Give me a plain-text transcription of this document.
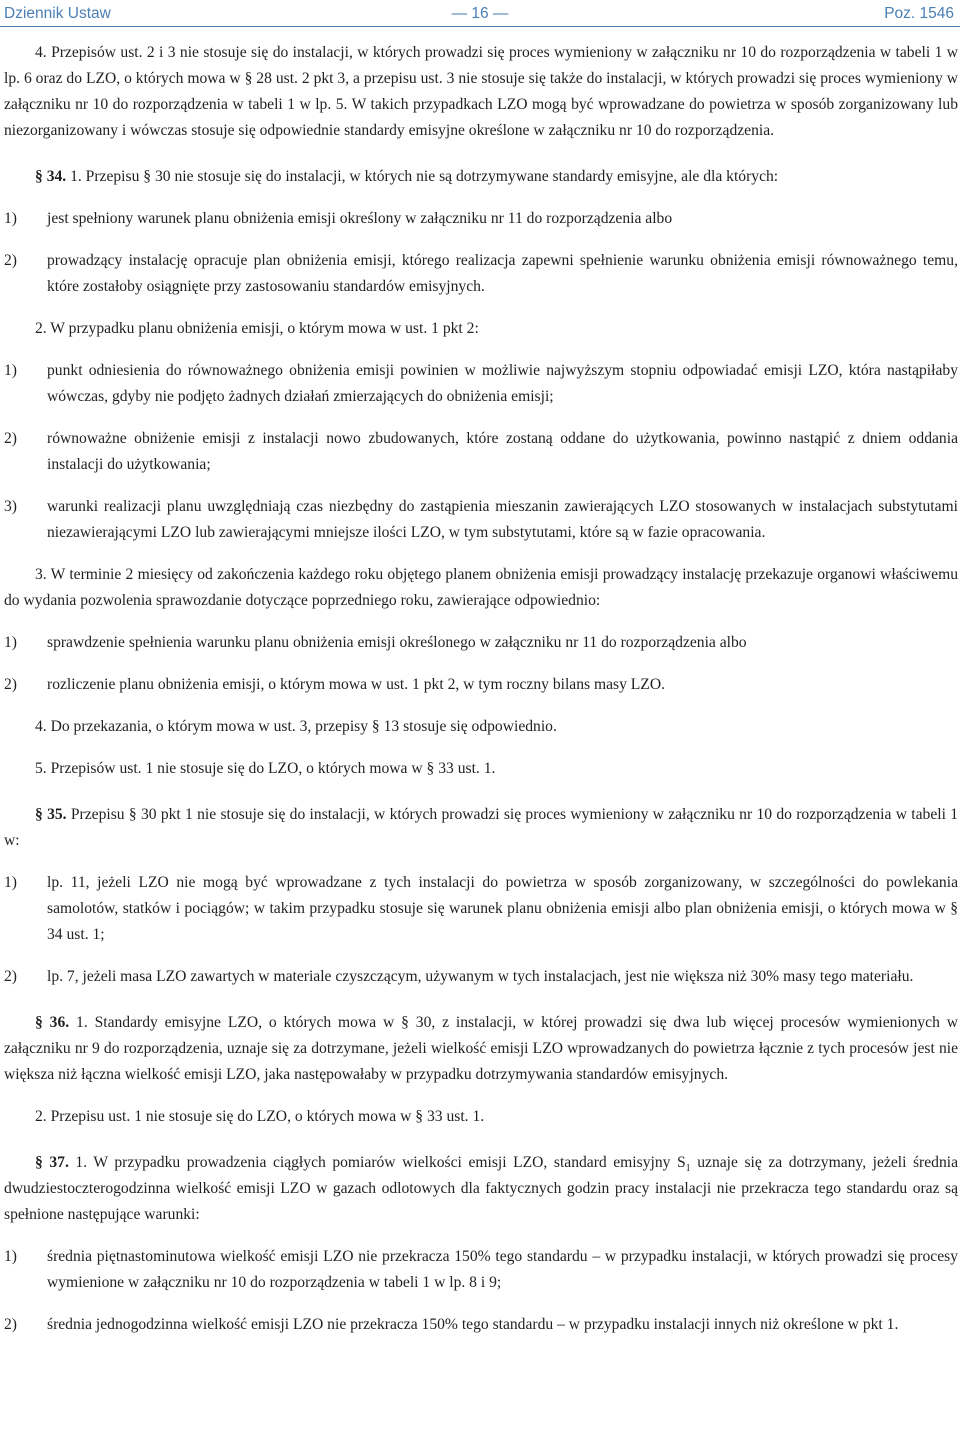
Dziennik Ustaw	— 16 —	Poz. 1546

4. Przepisów ust. 2 i 3 nie stosuje się do instalacji, w których prowadzi się proces wymieniony w załączniku nr 10 do rozporządzenia w tabeli 1 w lp. 6 oraz do LZO, o których mowa w § 28 ust. 2 pkt 3, a przepisu ust. 3 nie stosuje się także do instalacji, w których prowadzi się proces wymieniony w załączniku nr 10 do rozporządzenia w tabeli 1 w lp. 5. W takich przypadkach LZO mogą być wprowadzane do powietrza w sposób zorganizowany lub niezorganizowany i wówczas stosuje się odpowiednie standardy emisyjne określone w załączniku nr 10 do rozporządzenia.

§ 34. 1. Przepisu § 30 nie stosuje się do instalacji, w których nie są dotrzymywane standardy emisyjne, ale dla których:

1) jest spełniony warunek planu obniżenia emisji określony w załączniku nr 11 do rozporządzenia albo
2) prowadzący instalację opracuje plan obniżenia emisji, którego realizacja zapewni spełnienie warunku obniżenia emisji równoważnego temu, które zostałoby osiągnięte przy zastosowaniu standardów emisyjnych.

2. W przypadku planu obniżenia emisji, o którym mowa w ust. 1 pkt 2:

1) punkt odniesienia do równoważnego obniżenia emisji powinien w możliwie najwyższym stopniu odpowiadać emisji LZO, która nastąpiłaby wówczas, gdyby nie podjęto żadnych działań zmierzających do obniżenia emisji;
2) równoważne obniżenie emisji z instalacji nowo zbudowanych, które zostaną oddane do użytkowania, powinno nastąpić z dniem oddania instalacji do użytkowania;
3) warunki realizacji planu uwzględniają czas niezbędny do zastąpienia mieszanin zawierających LZO stosowanych w instalacjach substytutami niezawierającymi LZO lub zawierającymi mniejsze ilości LZO, w tym substytutami, które są w fazie opracowania.

3. W terminie 2 miesięcy od zakończenia każdego roku objętego planem obniżenia emisji prowadzący instalację przekazuje organowi właściwemu do wydania pozwolenia sprawozdanie dotyczące poprzedniego roku, zawierające odpowiednio:

1) sprawdzenie spełnienia warunku planu obniżenia emisji określonego w załączniku nr 11 do rozporządzenia albo
2) rozliczenie planu obniżenia emisji, o którym mowa w ust. 1 pkt 2, w tym roczny bilans masy LZO.

4. Do przekazania, o którym mowa w ust. 3, przepisy § 13 stosuje się odpowiednio.

5. Przepisów ust. 1 nie stosuje się do LZO, o których mowa w § 33 ust. 1.

§ 35. Przepisu § 30 pkt 1 nie stosuje się do instalacji, w których prowadzi się proces wymieniony w załączniku nr 10 do rozporządzenia w tabeli 1 w:

1) lp. 11, jeżeli LZO nie mogą być wprowadzane z tych instalacji do powietrza w sposób zorganizowany, w szczególności do powlekania samolotów, statków i pociągów; w takim przypadku stosuje się warunek planu obniżenia emisji albo plan obniżenia emisji, o których mowa w § 34 ust. 1;
2) lp. 7, jeżeli masa LZO zawartych w materiale czyszczącym, używanym w tych instalacjach, jest nie większa niż 30% masy tego materiału.

§ 36. 1. Standardy emisyjne LZO, o których mowa w § 30, z instalacji, w której prowadzi się dwa lub więcej procesów wymienionych w załączniku nr 9 do rozporządzenia, uznaje się za dotrzymane, jeżeli wielkość emisji LZO wprowadzanych do powietrza łącznie z tych procesów jest nie większa niż łączna wielkość emisji LZO, jaka następowałaby w przypadku dotrzymywania standardów emisyjnych.

2. Przepisu ust. 1 nie stosuje się do LZO, o których mowa w § 33 ust. 1.

§ 37. 1. W przypadku prowadzenia ciągłych pomiarów wielkości emisji LZO, standard emisyjny $S_1$ uznaje się za dotrzymany, jeżeli średnia dwudziestoczterogodzinna wielkość emisji LZO w gazach odlotowych dla faktycznych godzin pracy instalacji nie przekracza tego standardu oraz są spełnione następujące warunki:

1) średnia piętnastominutowa wielkość emisji LZO nie przekracza 150% tego standardu – w przypadku instalacji, w których prowadzi się procesy wymienione w załączniku nr 10 do rozporządzenia w tabeli 1 w lp. 8 i 9;
2) średnia jednogodzinna wielkość emisji LZO nie przekracza 150% tego standardu – w przypadku instalacji innych niż określone w pkt 1.
